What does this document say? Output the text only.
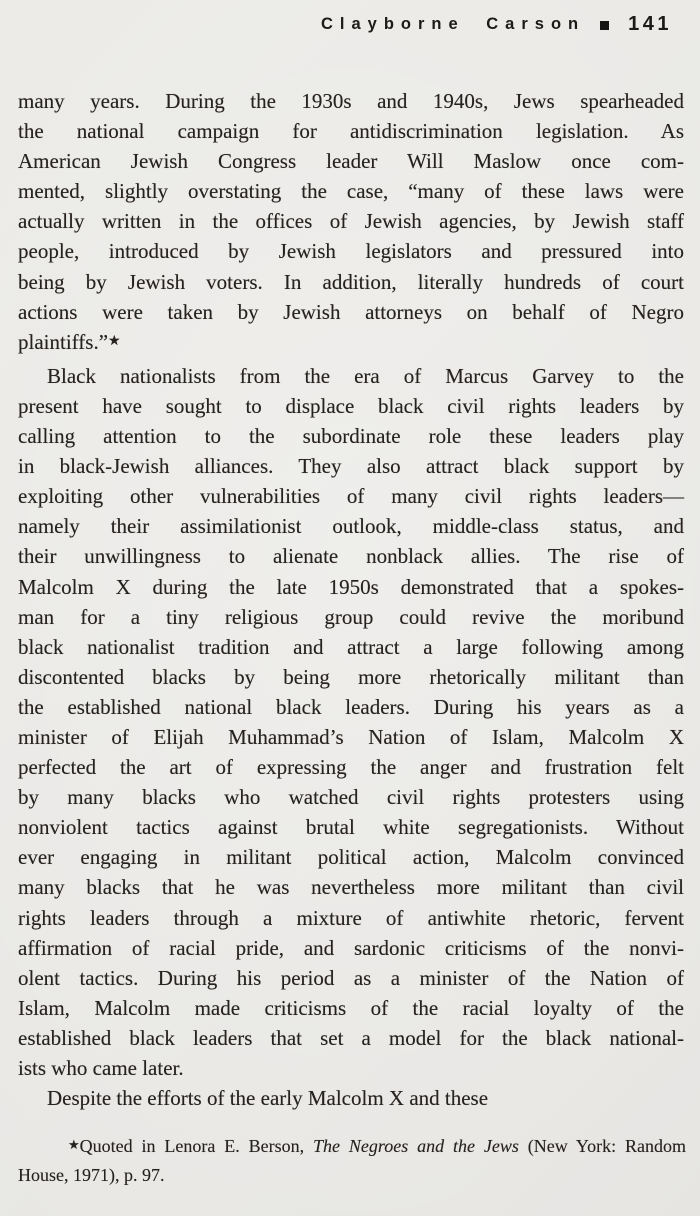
Clayborne Carson 141
many years. During the 1930s and 1940s, Jews spearheaded
the national campaign for antidiscrimination legislation. As
American Jewish Congress leader Will Maslow once com-
mented, slightly overstating the case, “many of these laws were
actually written in the offices of Jewish agencies, by Jewish staff
people, introduced by Jewish legislators and pressured into
being by Jewish voters. In addition, literally hundreds of court
actions were taken by Jewish attorneys on behalf of Negro
plaintiffs.”★
Black nationalists from the era of Marcus Garvey to the
present have sought to displace black civil rights leaders by
calling attention to the subordinate role these leaders play
in black-Jewish alliances. They also attract black support by
exploiting other vulnerabilities of many civil rights leaders—
namely their assimilationist outlook, middle-class status, and
their unwillingness to alienate nonblack allies. The rise of
Malcolm X during the late 1950s demonstrated that a spokes-
man for a tiny religious group could revive the moribund
black nationalist tradition and attract a large following among
discontented blacks by being more rhetorically militant than
the established national black leaders. During his years as a
minister of Elijah Muhammad’s Nation of Islam, Malcolm X
perfected the art of expressing the anger and frustration felt
by many blacks who watched civil rights protesters using
nonviolent tactics against brutal white segregationists. Without
ever engaging in militant political action, Malcolm convinced
many blacks that he was nevertheless more militant than civil
rights leaders through a mixture of antiwhite rhetoric, fervent
affirmation of racial pride, and sardonic criticisms of the nonvi-
olent tactics. During his period as a minister of the Nation of
Islam, Malcolm made criticisms of the racial loyalty of the
established black leaders that set a model for the black national-
ists who came later.
Despite the efforts of the early Malcolm X and these
★Quoted in Lenora E. Berson, The Negroes and the Jews (New York: Random
House, 1971), p. 97.
